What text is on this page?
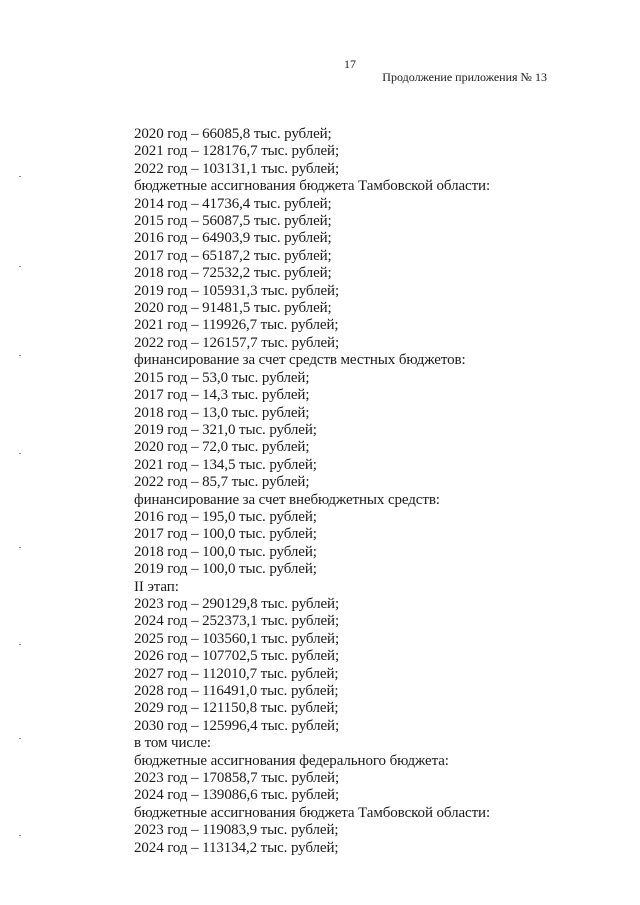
17
Продолжение приложения № 13
2020 год – 66085,8 тыс. рублей;
2021 год – 128176,7 тыс. рублей;
2022 год – 103131,1 тыс. рублей;
бюджетные ассигнования бюджета Тамбовской области:
2014 год – 41736,4 тыс. рублей;
2015 год – 56087,5 тыс. рублей;
2016 год – 64903,9 тыс. рублей;
2017 год – 65187,2 тыс. рублей;
2018 год – 72532,2 тыс. рублей;
2019 год – 105931,3 тыс. рублей;
2020 год – 91481,5 тыс. рублей;
2021 год – 119926,7 тыс. рублей;
2022 год – 126157,7 тыс. рублей;
финансирование за счет средств местных бюджетов:
2015 год – 53,0 тыс. рублей;
2017 год – 14,3 тыс. рублей;
2018 год – 13,0 тыс. рублей;
2019 год – 321,0 тыс. рублей;
2020 год – 72,0 тыс. рублей;
2021 год – 134,5 тыс. рублей;
2022 год – 85,7 тыс. рублей;
финансирование за счет внебюджетных средств:
2016 год – 195,0 тыс. рублей;
2017 год – 100,0 тыс. рублей;
2018 год – 100,0 тыс. рублей;
2019 год – 100,0 тыс. рублей;
II этап:
2023 год – 290129,8 тыс. рублей;
2024 год – 252373,1 тыс. рублей;
2025 год – 103560,1 тыс. рублей;
2026 год – 107702,5 тыс. рублей;
2027 год – 112010,7 тыс. рублей;
2028 год – 116491,0 тыс. рублей;
2029 год – 121150,8 тыс. рублей;
2030 год – 125996,4 тыс. рублей;
в том числе:
бюджетные ассигнования федерального бюджета:
2023 год – 170858,7 тыс. рублей;
2024 год – 139086,6 тыс. рублей;
бюджетные ассигнования бюджета Тамбовской области:
2023 год – 119083,9 тыс. рублей;
2024 год – 113134,2 тыс. рублей;
